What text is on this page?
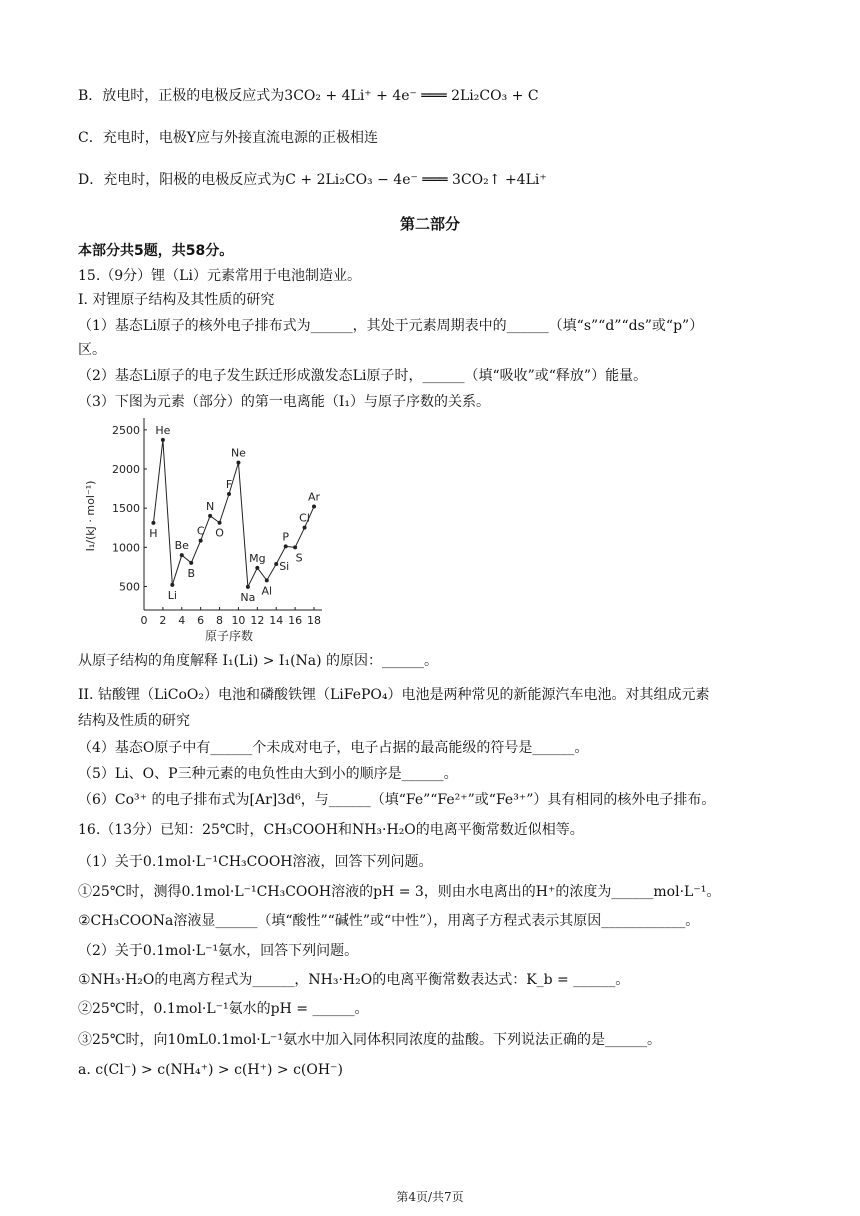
B．放电时，正极的电极反应式为3CO₂ + 4Li⁺ + 4e⁻ ═══ 2Li₂CO₃ + C
C．充电时，电极Y应与外接直流电源的正极相连
D．充电时，阳极的电极反应式为C + 2Li₂CO₃ − 4e⁻ ═══ 3CO₂↑ +4Li⁺
本部分共5题，共58分。
15.（9分）锂（Li）元素常用于电池制造业。
I. 对锂原子结构及其性质的研究
（1）基态Li原子的核外电子排布式为______，其处于元素周期表中的______（填“s”“d”“ds”或“p”）
区。
（2）基态Li原子的电子发生跃迁形成激发态Li原子时，______（填“吸收”或“释放”）能量。
（3）下图为元素（部分）的第一电离能（I₁）与原子序数的关系。
从原子结构的角度解释 I₁(Li) > I₁(Na) 的原因：______。
II. 钴酸锂（LiCoO₂）电池和磷酸铁锂（LiFePO₄）电池是两种常见的新能源汽车电池。对其组成元素
结构及性质的研究
（4）基态O原子中有______个未成对电子，电子占据的最高能级的符号是______。
（5）Li、O、P三种元素的电负性由大到小的顺序是______。
（6）Co³⁺ 的电子排布式为[Ar]3d⁶，与______（填“Fe”“Fe²⁺”或“Fe³⁺”）具有相同的核外电子排布。
16.（13分）已知：25℃时，CH₃COOH和NH₃·H₂O的电离平衡常数近似相等。
（1）关于0.1mol·L⁻¹CH₃COOH溶液，回答下列问题。
①25℃时，测得0.1mol·L⁻¹CH₃COOH溶液的pH = 3，则由水电离出的H⁺的浓度为______mol·L⁻¹。
②CH₃COONa溶液显______（填“酸性”“碱性”或“中性”），用离子方程式表示其原因____________。
（2）关于0.1mol·L⁻¹氨水，回答下列问题。
①NH₃·H₂O的电离方程式为______，NH₃·H₂O的电离平衡常数表达式：K_b = ______。
②25℃时，0.1mol·L⁻¹氨水的pH = ______。
③25℃时，向10mL0.1mol·L⁻¹氨水中加入同体积同浓度的盐酸。下列说法正确的是______。
a. c(Cl⁻) > c(NH₄⁺) > c(H⁺) > c(OH⁻)
第二部分
0 2 4 6 8 10 12 14 16 18
500
1000
1500
2000
2500
I₁/(kJ · mol⁻¹)
原子序数
H
He
Li
Be
B
C
N
O
F
Ne
Na
Mg
Al
Si
P
S
Cl
Ar
第4页/共7页
